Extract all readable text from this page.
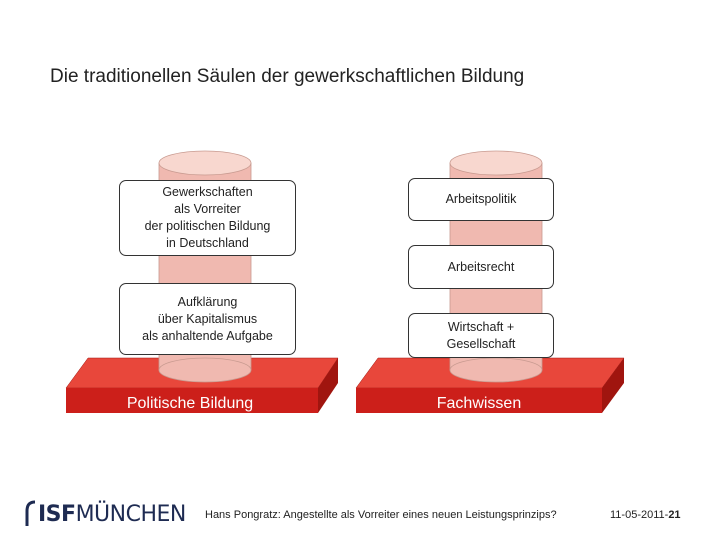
Die traditionellen Säulen der gewerkschaftlichen Bildung
Gewerkschaften
als Vorreiter
der politischen Bildung
in Deutschland
Aufklärung
über Kapitalismus
als anhaltende Aufgabe
Arbeitspolitik
Arbeitsrecht
Wirtschaft +
Gesellschaft
Politische Bildung	Fachwissen
ISFMÜNCHEN Hans Pongratz: Angestellte als Vorreiter eines neuen Leistungsprinzips?	11-05-2011-21
